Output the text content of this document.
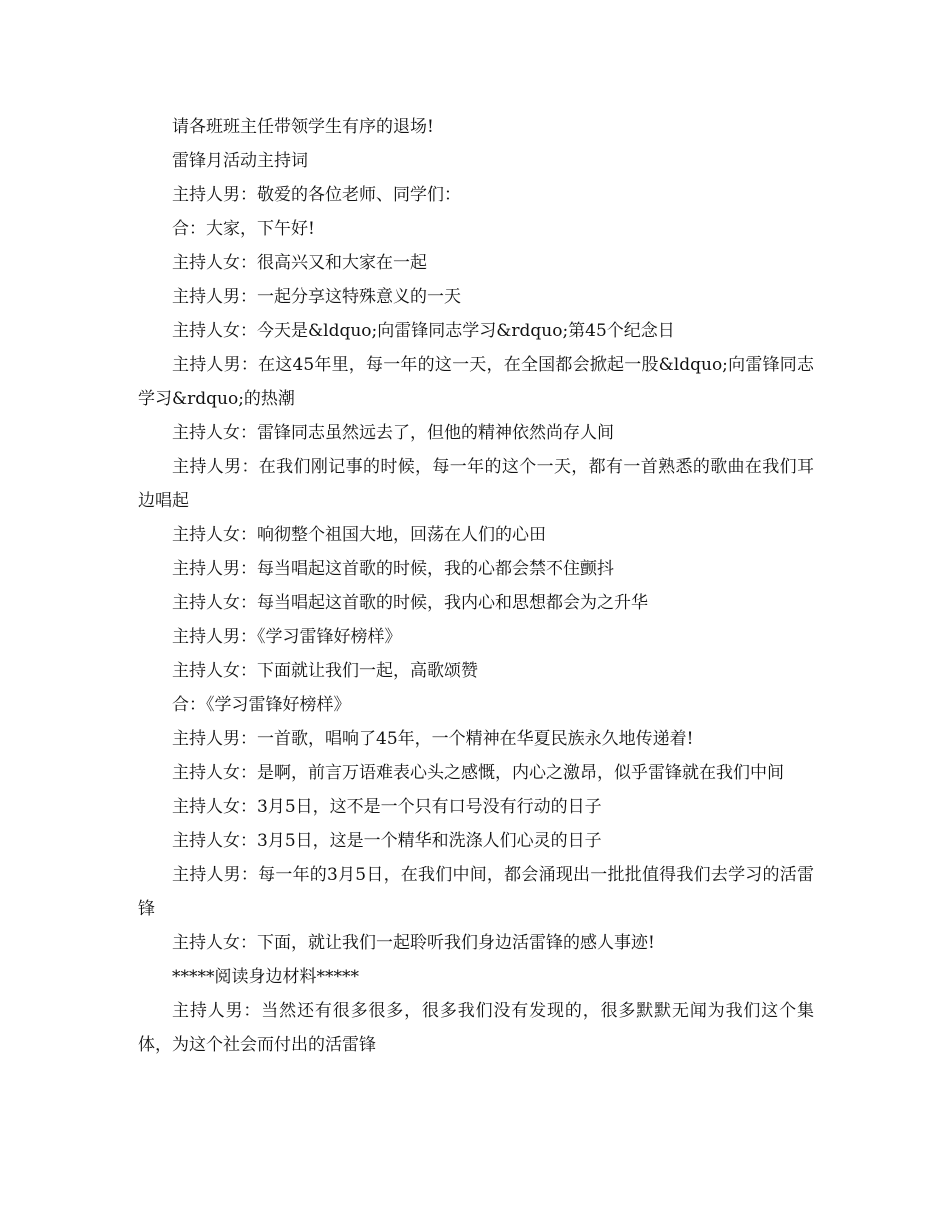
请各班班主任带领学生有序的退场!

雷锋月活动主持词

主持人男：敬爱的各位老师、同学们：

合：大家，下午好!

主持人女：很高兴又和大家在一起

主持人男：一起分享这特殊意义的一天

主持人女：今天是&ldquo;向雷锋同志学习&rdquo;第45个纪念日

主持人男：在这45年里，每一年的这一天，在全国都会掀起一股&ldquo;向雷锋同志学习&rdquo;的热潮

主持人女：雷锋同志虽然远去了，但他的精神依然尚存人间

主持人男：在我们刚记事的时候，每一年的这个一天，都有一首熟悉的歌曲在我们耳边唱起

主持人女：响彻整个祖国大地，回荡在人们的心田

主持人男：每当唱起这首歌的时候，我的心都会禁不住颤抖

主持人女：每当唱起这首歌的时候，我内心和思想都会为之升华

主持人男：《学习雷锋好榜样》

主持人女：下面就让我们一起，高歌颂赞

合：《学习雷锋好榜样》

主持人男：一首歌，唱响了45年，一个精神在华夏民族永久地传递着!

主持人女：是啊，前言万语难表心头之感慨，内心之激昂，似乎雷锋就在我们中间

主持人女：3月5日，这不是一个只有口号没有行动的日子

主持人女：3月5日，这是一个精华和洗涤人们心灵的日子

主持人男：每一年的3月5日，在我们中间，都会涌现出一批批值得我们去学习的活雷锋

主持人女：下面，就让我们一起聆听我们身边活雷锋的感人事迹!

*****阅读身边材料*****

主持人男：当然还有很多很多，很多我们没有发现的，很多默默无闻为我们这个集体，为这个社会而付出的活雷锋
